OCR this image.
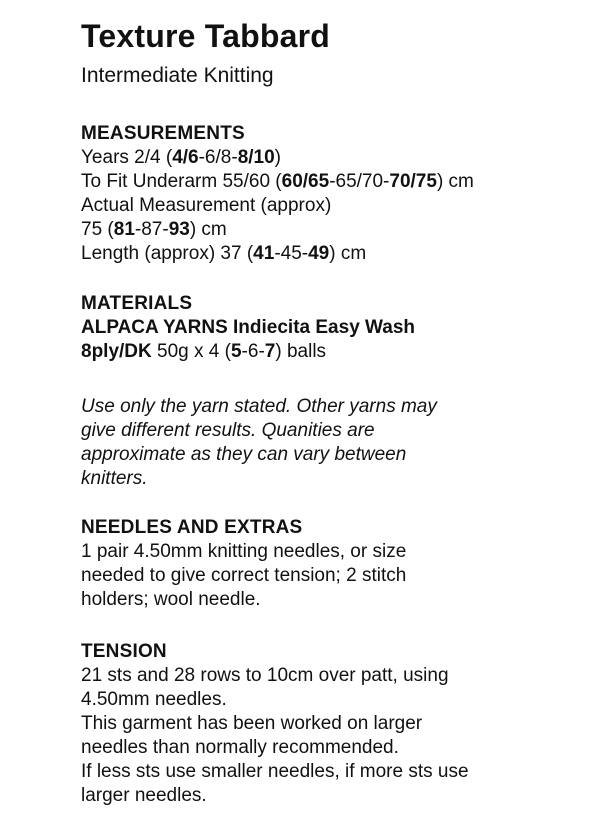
Texture Tabbard
Intermediate Knitting
MEASUREMENTS
Years 2/4 (4/6-6/8-8/10)
To Fit Underarm 55/60 (60/65-65/70-70/75) cm
Actual Measurement (approx)
75 (81-87-93) cm
Length (approx) 37 (41-45-49) cm
MATERIALS
ALPACA YARNS Indiecita Easy Wash
8ply/DK 50g x 4 (5-6-7) balls
Use only the yarn stated. Other yarns may
give different results. Quanities are
approximate as they can vary between
knitters.
NEEDLES AND EXTRAS
1 pair 4.50mm knitting needles, or size
needed to give correct tension; 2 stitch
holders; wool needle.
TENSION
21 sts and 28 rows to 10cm over patt, using
4.50mm needles.
This garment has been worked on larger
needles than normally recommended.
If less sts use smaller needles, if more sts use
larger needles.
